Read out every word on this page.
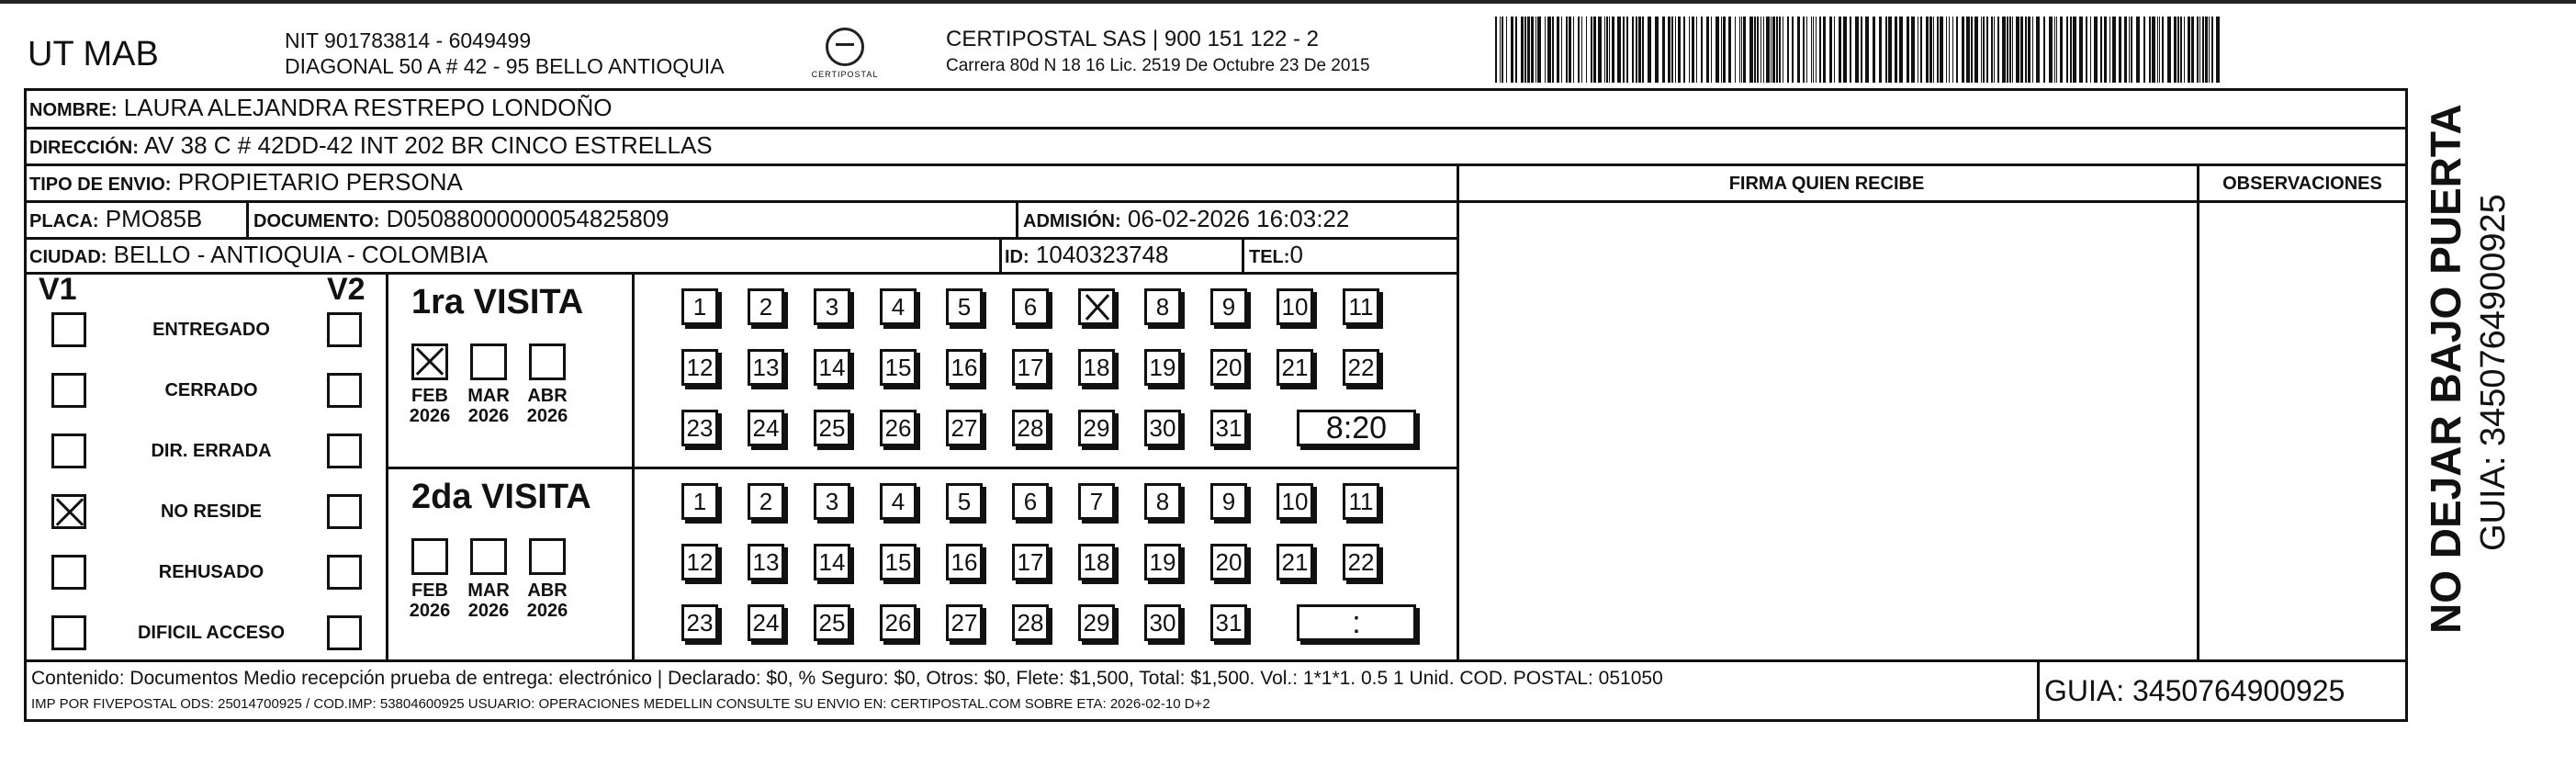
UT MAB	NIT 901783814 - 6049499
DIAGONAL 50 A # 42 - 95 BELLO ANTIOQUIA	CERTIPOSTAL
CERTIPOSTAL SAS | 900 151 122 - 2
Carrera 80d N 18 16 Lic. 2519 De Octubre 23 De 2015
NOMBRE: LAURA ALEJANDRA RESTREPO LONDOÑO
DIRECCIÓN: AV 38 C # 42DD-42 INT 202 BR CINCO ESTRELLAS
TIPO DE ENVIO: PROPIETARIO PERSONA	FIRMA QUIEN RECIBE	OBSERVACIONES
PLACA: PMO85B	DOCUMENTO: D05088000000054825809	ADMISIÓN: 06-02-2026 16:03:22
CIUDAD: BELLO - ANTIOQUIA - COLOMBIA	ID: 1040323748	TEL:0
V1	V2
ENTREGADO
CERRADO
DIR. ERRADA
NO RESIDE
REHUSADO
DIFICIL ACCESO
1ra VISITA
FEB
2026
MAR
2026
ABR
2026
1	2	3	4	5	6	8	9	10 11
12 13 14 15 16 17 18 19 20 21 22
23 24 25 26 27 28 29 30 31	8:20
2da VISITA
FEB
2026
MAR
2026
ABR
2026
1	2	3	4	5	6	7	8	9	10 11
12 13 14 15 16 17 18 19 20 21 22
23 24 25 26 27 28 29 30 31	:
Contenido: Documentos Medio recepción prueba de entrega: electrónico | Declarado: $0, % Seguro: $0, Otros: $0, Flete: $1,500, Total: $1,500. Vol.: 1*1*1. 0.5 1 Unid. COD. POSTAL: 051050
IMP POR FIVEPOSTAL ODS: 25014700925 / COD.IMP: 53804600925 USUARIO: OPERACIONES MEDELLIN CONSULTE SU ENVIO EN: CERTIPOSTAL.COM SOBRE ETA: 2026-02-10 D+2	GUIA: 3450764900925
NO DEJAR BAJO PUERTA GUIA: 3450764900925
